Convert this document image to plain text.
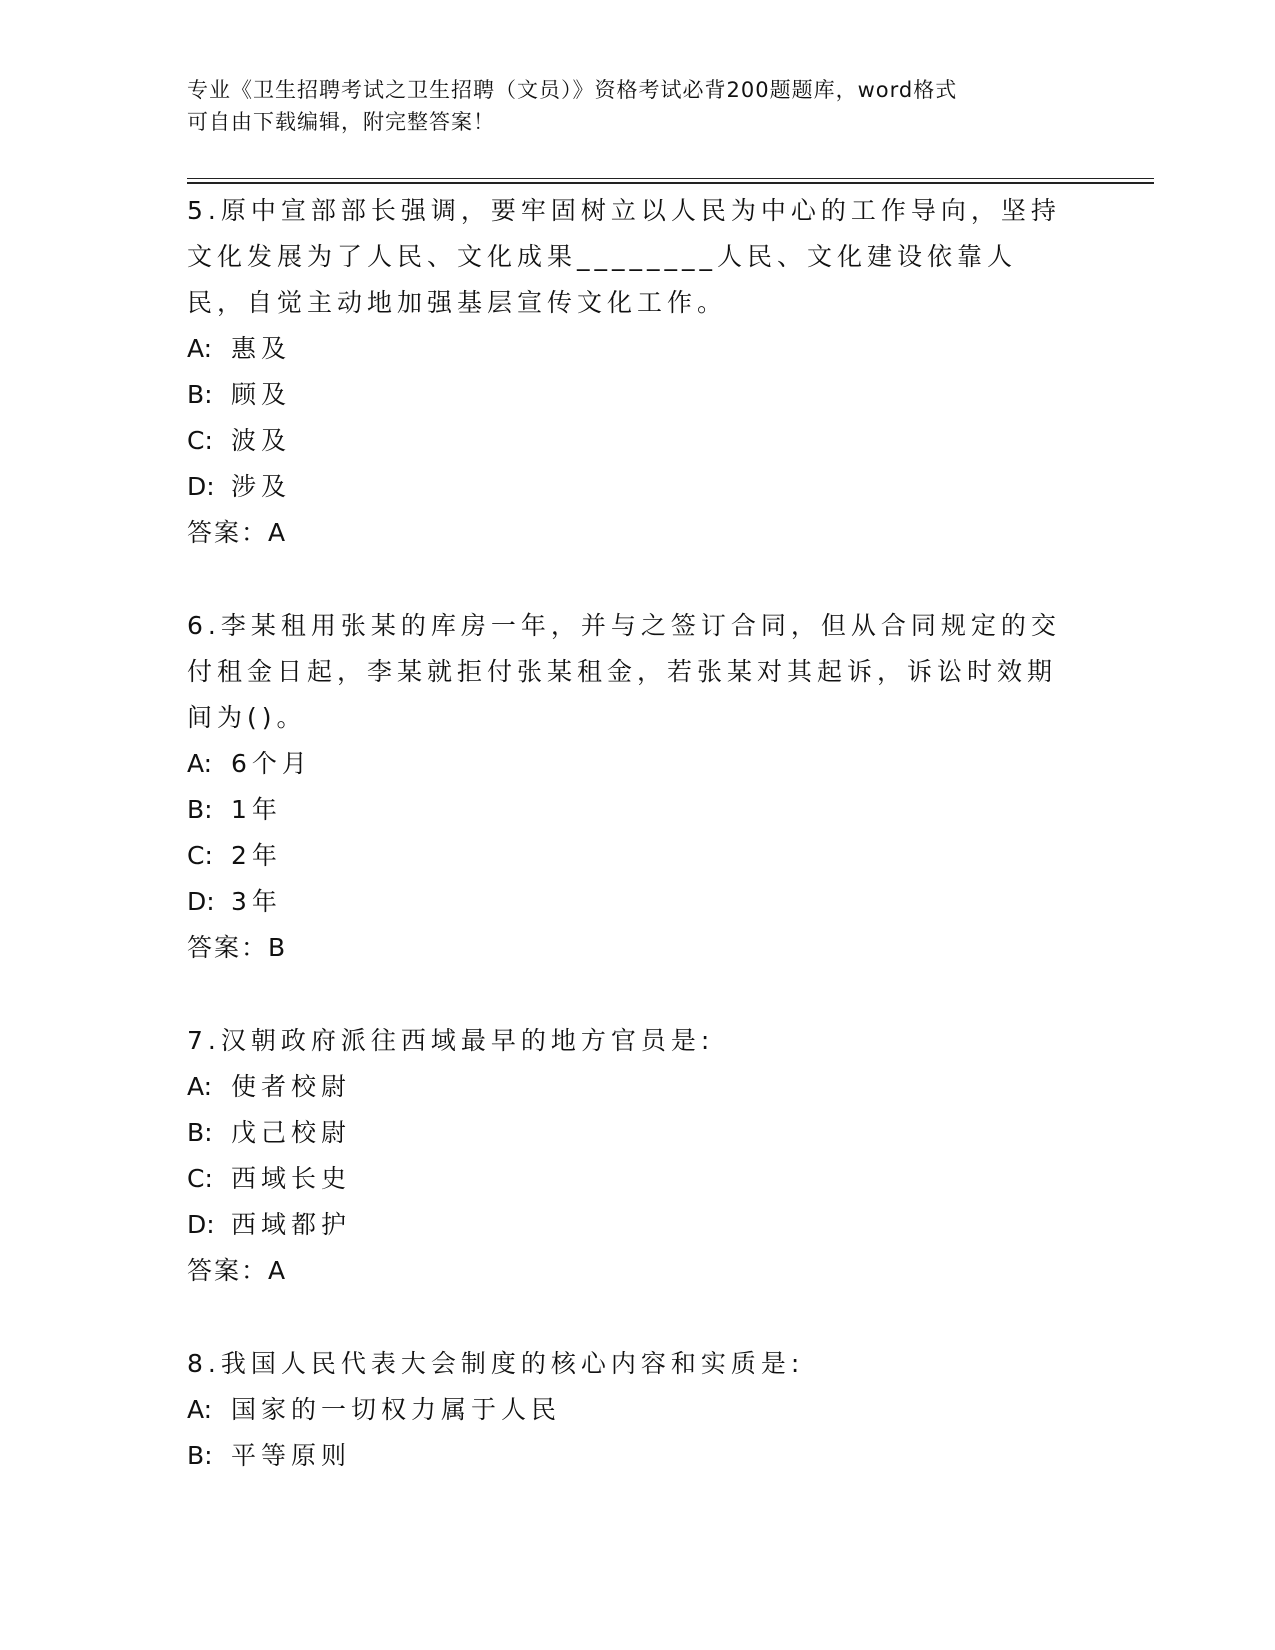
专业《卫生招聘考试之卫生招聘（文员）》资格考试必背200题题库，word格式
可自由下载编辑，附完整答案！

5.原中宣部部长强调，要牢固树立以人民为中心的工作导向，坚持文化发展为了人民、文化成果________人民、文化建设依靠人民，自觉主动地加强基层宣传文化工作。

A: 惠及

B: 顾及

C: 波及

D: 涉及

答案：A

6.李某租用张某的库房一年，并与之签订合同，但从合同规定的交付租金日起，李某就拒付张某租金，若张某对其起诉，诉讼时效期间为()。

A: 6个月

B: 1年

C: 2年

D: 3年

答案：B

7.汉朝政府派往西域最早的地方官员是:

A: 使者校尉

B: 戊己校尉

C: 西域长史

D: 西域都护

答案：A

8.我国人民代表大会制度的核心内容和实质是:

A: 国家的一切权力属于人民

B: 平等原则
